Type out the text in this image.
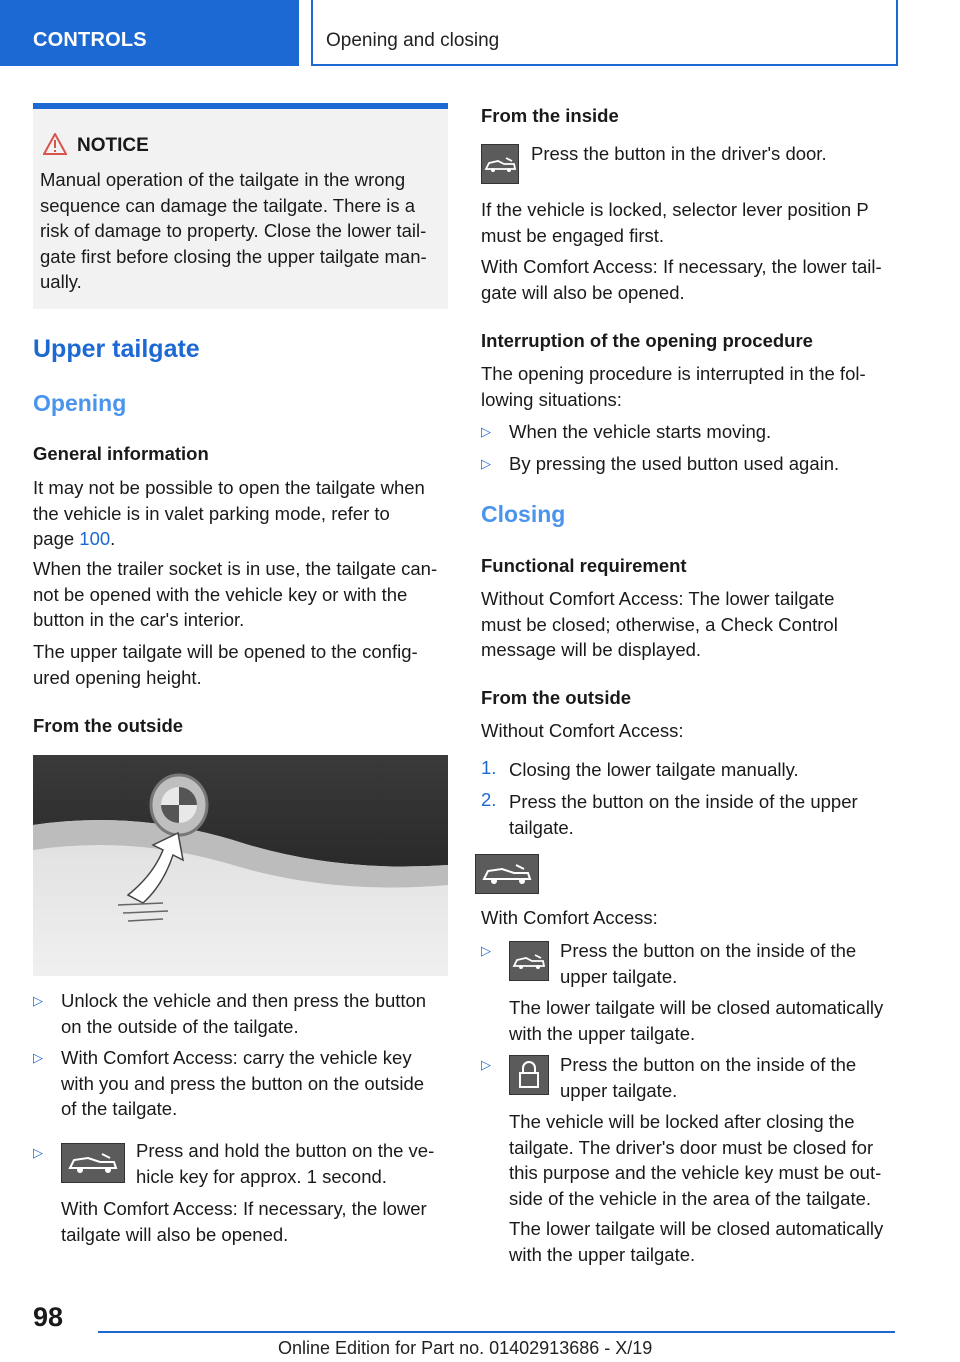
CONTROLS	Opening and closing
NOTICE
Manual operation of the tailgate in the wrong
sequence can damage the tailgate. There is a
risk of damage to property. Close the lower tail-
gate first before closing the upper tailgate man-
ually.
Upper tailgate
Opening
General information
It may not be possible to open the tailgate when
the vehicle is in valet parking mode, refer to
page 100.
When the trailer socket is in use, the tailgate can-
not be opened with the vehicle key or with the
button in the car's interior.
The upper tailgate will be opened to the config-
ured opening height.
From the outside
▷ Unlock the vehicle and then press the button
on the outside of the tailgate.
▷ With Comfort Access: carry the vehicle key
with you and press the button on the outside
of the tailgate.
▷	Press and hold the button on the ve-
hicle key for approx. 1 second.
With Comfort Access: If necessary, the lower
tailgate will also be opened.
From the inside
Press the button in the driver's door.
If the vehicle is locked, selector lever position P
must be engaged first.
With Comfort Access: If necessary, the lower tail-
gate will also be opened.
Interruption of the opening procedure
The opening procedure is interrupted in the fol-
lowing situations:
▷ When the vehicle starts moving.
▷ By pressing the used button used again.
Closing
Functional requirement
Without Comfort Access: The lower tailgate
must be closed; otherwise, a Check Control
message will be displayed.
From the outside
Without Comfort Access:
1. Closing the lower tailgate manually.
2. Press the button on the inside of the upper
tailgate.
With Comfort Access:
▷	Press the button on the inside of the
upper tailgate.
The lower tailgate will be closed automatically
with the upper tailgate.
▷	Press the button on the inside of the
upper tailgate.
The vehicle will be locked after closing the
tailgate. The driver's door must be closed for
this purpose and the vehicle key must be out-
side of the vehicle in the area of the tailgate.
The lower tailgate will be closed automatically
with the upper tailgate.
98
Online Edition for Part no. 01402913686 - X/19
